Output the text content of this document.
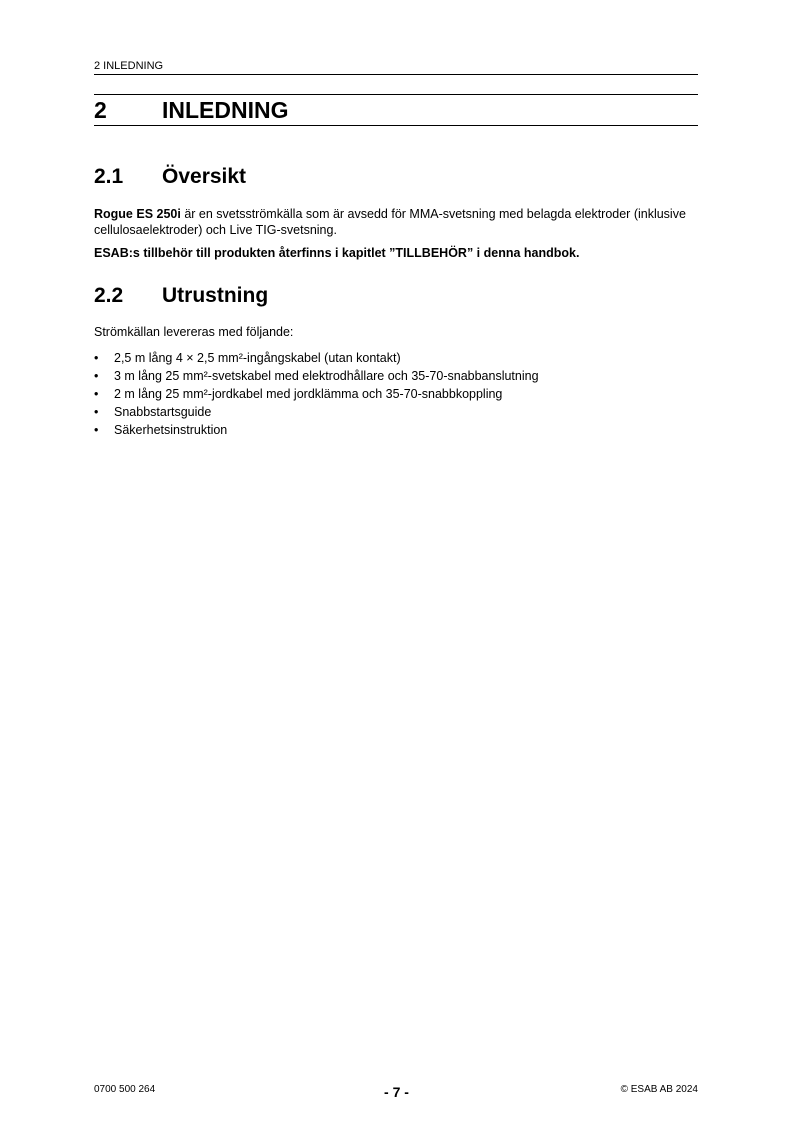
2 INLEDNING
2 INLEDNING
2.1 Översikt

Rogue ES 250i är en svetsströmkälla som är avsedd för MMA-svetsning med belagda elektroder (inklusive cellulosaelektroder) och Live TIG-svetsning.

ESAB:s tillbehör till produkten återfinns i kapitlet ”TILLBEHÖR” i denna handbok.

2.2 Utrustning

Strömkällan levereras med följande:

• 2,5 m lång 4 × 2,5 mm²-ingångskabel (utan kontakt)
• 3 m lång 25 mm²-svetskabel med elektrodhållare och 35-70-snabbanslutning
• 2 m lång 25 mm²-jordkabel med jordklämma och 35-70-snabbkoppling
• Snabbstartsguide
• Säkerhetsinstruktion
0700 500 264	- 7 -	© ESAB AB 2024
